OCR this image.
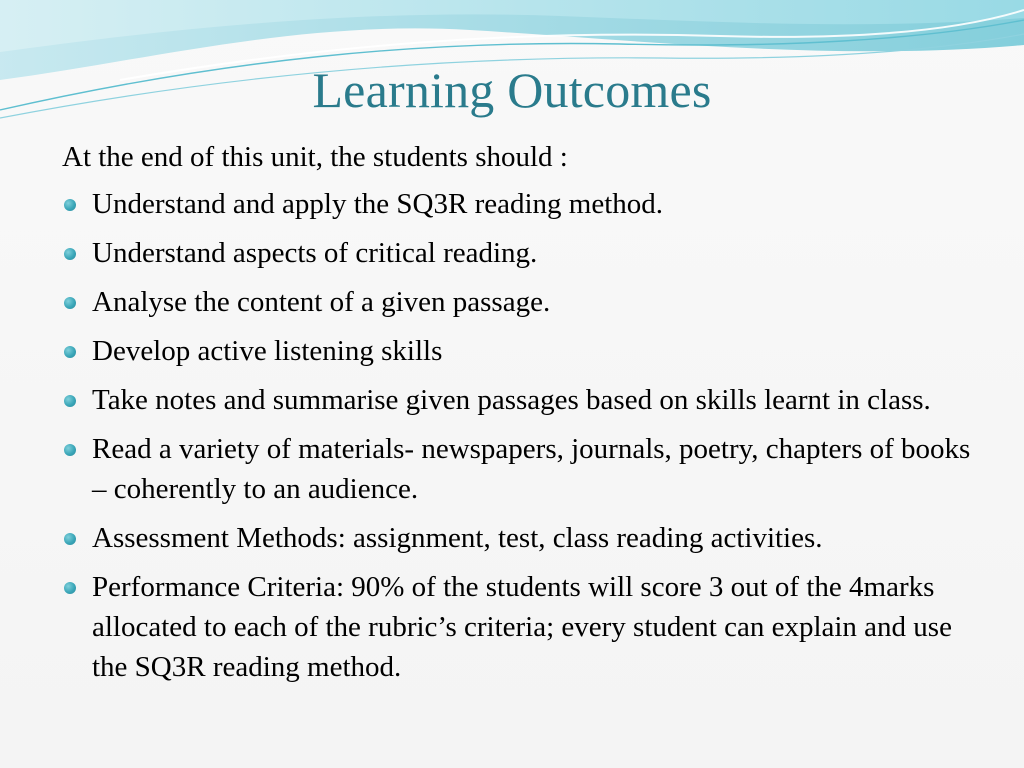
Learning Outcomes

At the end of this unit, the students should :

Understand and apply the SQ3R reading method.
Understand aspects of critical reading.
Analyse the content of a given passage.
Develop active listening skills
Take notes and summarise given passages based on skills learnt in class.
Read a variety of materials- newspapers, journals, poetry, chapters of books – coherently to an audience.
Assessment Methods: assignment, test, class reading activities.
Performance Criteria: 90% of the students will score 3 out of the 4marks allocated to each of the rubric’s criteria; every student can explain and use the SQ3R reading method.
